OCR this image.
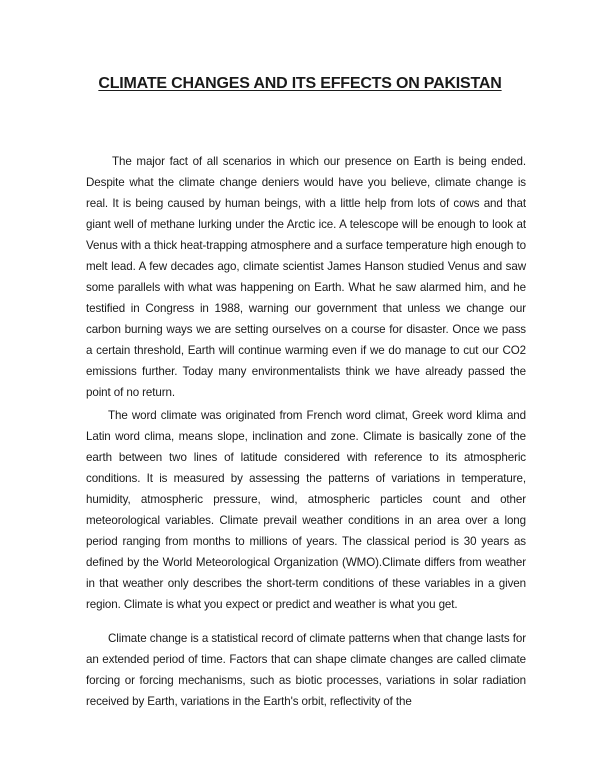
CLIMATE CHANGES AND ITS EFFECTS ON PAKISTAN

The major fact of all scenarios in which our presence on Earth is being ended. Despite what the climate change deniers would have you believe, climate change is real. It is being caused by human beings, with a little help from lots of cows and that giant well of methane lurking under the Arctic ice. A telescope will be enough to look at Venus with a thick heat-trapping atmosphere and a surface temperature high enough to melt lead. A few decades ago, climate scientist James Hanson studied Venus and saw some parallels with what was happening on Earth. What he saw alarmed him, and he testified in Congress in 1988, warning our government that unless we change our carbon burning ways we are setting ourselves on a course for disaster. Once we pass a certain threshold, Earth will continue warming even if we do manage to cut our CO2 emissions further. Today many environmentalists think we have already passed the point of no return.

The word climate was originated from French word climat, Greek word klima and Latin word clima, means slope, inclination and zone. Climate is basically zone of the earth between two lines of latitude considered with reference to its atmospheric conditions. It is measured by assessing the patterns of variations in temperature, humidity, atmospheric pressure, wind, atmospheric particles count and other meteorological variables. Climate prevail weather conditions in an area over a long period ranging from months to millions of years. The classical period is 30 years as defined by the World Meteorological Organization (WMO).Climate differs from weather in that weather only describes the short-term conditions of these variables in a given region. Climate is what you expect or predict and weather is what you get.

Climate change is a statistical record of climate patterns when that change lasts for an extended period of time. Factors that can shape climate changes are called climate forcing or forcing mechanisms, such as biotic processes, variations in solar radiation received by Earth, variations in the Earth's orbit, reflectivity of the
